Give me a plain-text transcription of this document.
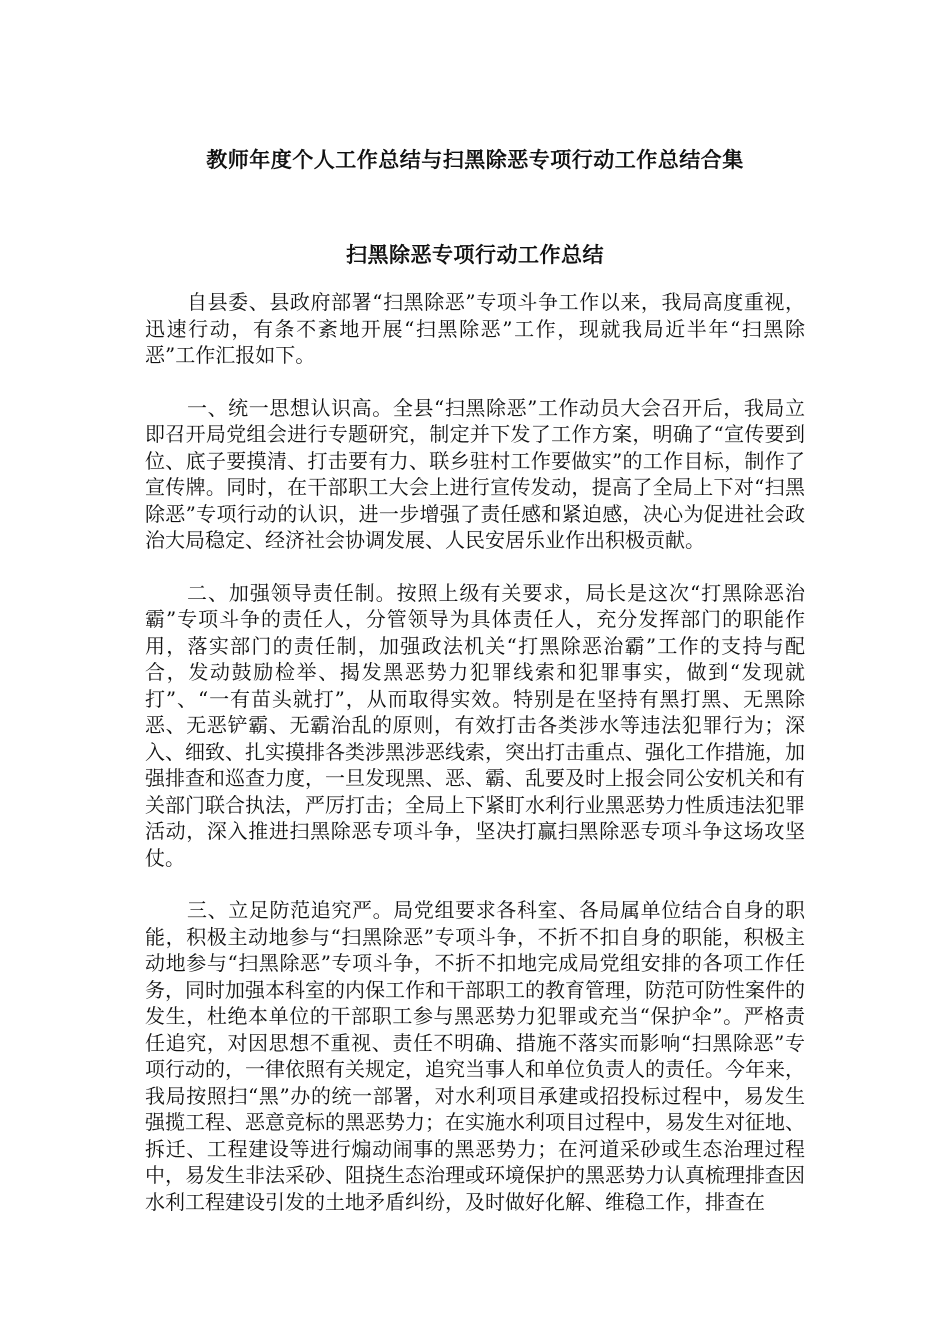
教师年度个人工作总结与扫黑除恶专项行动工作总结合集
扫黑除恶专项行动工作总结

自县委、县政府部署“扫黑除恶”专项斗争工作以来，我局高度重视，迅速行动，有条不紊地开展“扫黑除恶”工作，现就我局近半年“扫黑除恶”工作汇报如下。

一、统一思想认识高。全县“扫黑除恶”工作动员大会召开后，我局立即召开局党组会进行专题研究，制定并下发了工作方案，明确了“宣传要到位、底子要摸清、打击要有力、联乡驻村工作要做实”的工作目标，制作了宣传牌。同时，在干部职工大会上进行宣传发动，提高了全局上下对“扫黑除恶”专项行动的认识，进一步增强了责任感和紧迫感，决心为促进社会政治大局稳定、经济社会协调发展、人民安居乐业作出积极贡献。

二、加强领导责任制。按照上级有关要求，局长是这次“打黑除恶治霸”专项斗争的责任人，分管领导为具体责任人，充分发挥部门的职能作用，落实部门的责任制，加强政法机关“打黑除恶治霸”工作的支持与配合，发动鼓励检举、揭发黑恶势力犯罪线索和犯罪事实，做到“发现就打”、“一有苗头就打”，从而取得实效。特别是在坚持有黑打黑、无黑除恶、无恶铲霸、无霸治乱的原则，有效打击各类涉水等违法犯罪行为；深入、细致、扎实摸排各类涉黑涉恶线索，突出打击重点、强化工作措施，加强排查和巡查力度，一旦发现黑、恶、霸、乱要及时上报会同公安机关和有关部门联合执法，严厉打击；全局上下紧盯水利行业黑恶势力性质违法犯罪活动，深入推进扫黑除恶专项斗争，坚决打赢扫黑除恶专项斗争这场攻坚仗。

三、立足防范追究严。局党组要求各科室、各局属单位结合自身的职能，积极主动地参与“扫黑除恶”专项斗争，不折不扣自身的职能，积极主动地参与“扫黑除恶”专项斗争，不折不扣地完成局党组安排的各项工作任务，同时加强本科室的内保工作和干部职工的教育管理，防范可防性案件的发生，杜绝本单位的干部职工参与黑恶势力犯罪或充当“保护伞”。严格责任追究，对因思想不重视、责任不明确、措施不落实而影响“扫黑除恶”专项行动的，一律依照有关规定，追究当事人和单位负责人的责任。今年来，我局按照扫“黑”办的统一部署，对水利项目承建或招投标过程中，易发生强揽工程、恶意竞标的黑恶势力；在实施水利项目过程中，易发生对征地、拆迁、工程建设等进行煽动闹事的黑恶势力；在河道采砂或生态治理过程中，易发生非法采砂、阻挠生态治理或环境保护的黑恶势力认真梳理排查因水利工程建设引发的土地矛盾纠纷，及时做好化解、维稳工作，排查在
